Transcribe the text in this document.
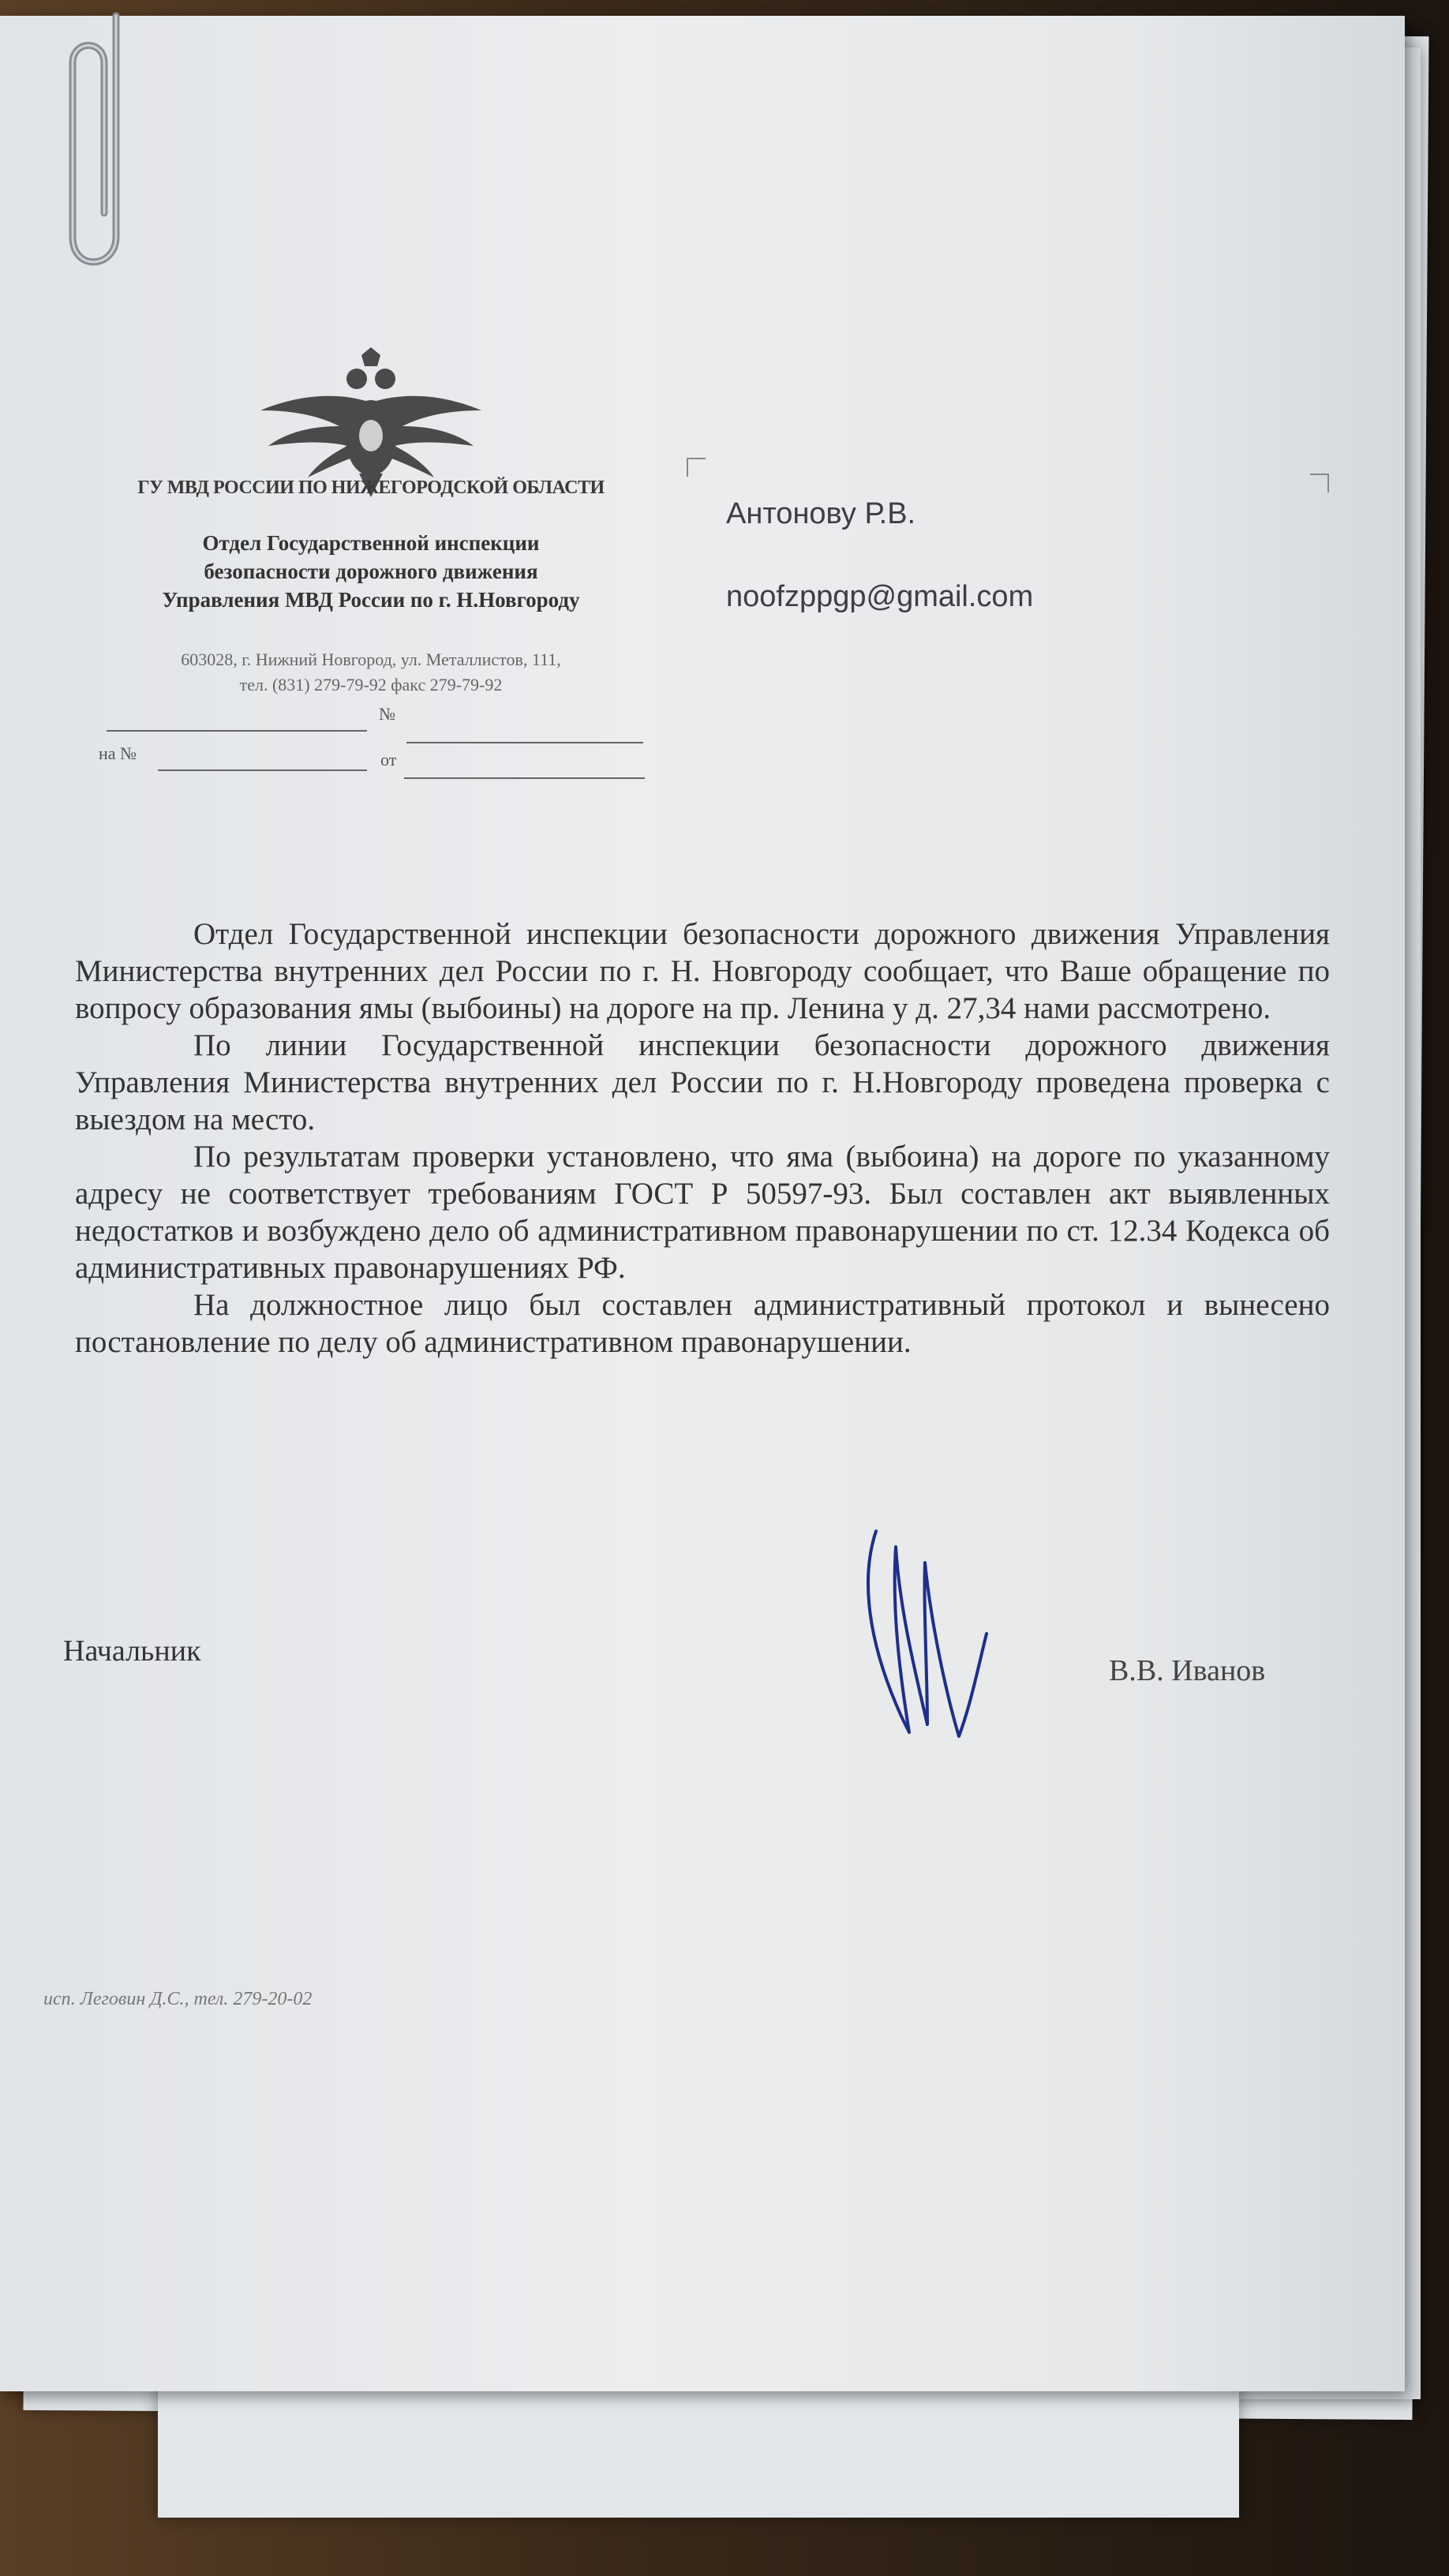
ГУ МВД РОССИИ ПО НИЖЕГОРОДСКОЙ ОБЛАСТИ
Отдел Государственной инспекции
безопасности дорожного движения
Управления МВД России по г. Н.Новгороду
603028, г. Нижний Новгород, ул. Металлистов, 111,
тел. (831) 279-79-92 факс 279-79-92
№
на №	от
Антонову Р.В.
noofzppgp@gmail.com

Отдел Государственной инспекции безопасности дорожного движения Управления Министерства внутренних дел России по г. Н. Новгороду сообщает, что Ваше обращение по вопросу образования ямы (выбоины) на дороге на пр. Ленина у д. 27,34 нами рассмотрено.

По линии Государственной инспекции безопасности дорожного движения Управления Министерства внутренних дел России по г. Н.Новгороду проведена проверка с выездом на место.

По результатам проверки установлено, что яма (выбоина) на дороге по указанному адресу не соответствует требованиям ГОСТ Р 50597-93. Был составлен акт выявленных недостатков и возбуждено дело об административном правонарушении по ст. 12.34 Кодекса об административных правонарушениях РФ.

На должностное лицо был составлен административный протокол и вынесено постановление по делу об административном правонарушении.

Начальник
В.В. Иванов
исп. Леговин Д.С., тел. 279-20-02
